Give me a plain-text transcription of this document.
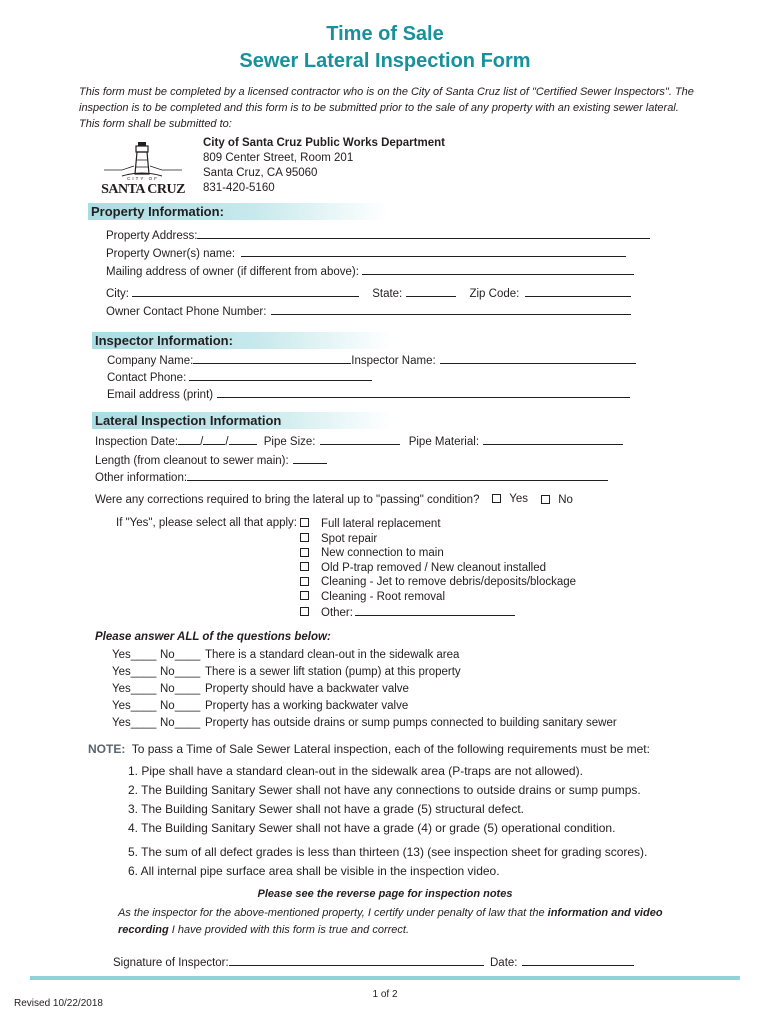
Time of Sale
Sewer Lateral Inspection Form
This form must be completed by a licensed contractor who is on the City of Santa Cruz list of "Certified Sewer Inspectors". The inspection is to be completed and this form is to be submitted prior to the sale of any property with an existing sewer lateral. This form shall be submitted to:
CITY OF
SANTA CRUZ
City of Santa Cruz Public Works Department
809 Center Street, Room 201
Santa Cruz, CA 95060
831-420-5160
Property Information:
Property Address:
Property Owner(s) name:
Mailing address of owner (if different from above):
City:	State:	Zip Code:
Owner Contact Phone Number:
Inspector Information:
Company Name:	Inspector Name:
Contact Phone:
Email address (print)
Lateral Inspection Information
Inspection Date: / /	Pipe Size:	Pipe Material:
Length (from cleanout to sewer main):
Other information:
Were any corrections required to bring the lateral up to "passing" condition?	Yes	No
If "Yes", please select all that apply:	Full lateral replacement
Spot repair
New connection to main
Old P-trap removed / New cleanout installed
Cleaning - Jet to remove debris/deposits/blockage
Cleaning - Root removal
Other:
Please answer ALL of the questions below:
Yes____ No____ There is a standard clean-out in the sidewalk area
Yes____ No____ There is a sewer lift station (pump) at this property
Yes____ No____ Property should have a backwater valve
Yes____ No____ Property has a working backwater valve
Yes____ No____ Property has outside drains or sump pumps connected to building sanitary sewer
NOTE: To pass a Time of Sale Sewer Lateral inspection, each of the following requirements must be met:
1. Pipe shall have a standard clean-out in the sidewalk area (P-traps are not allowed).
2. The Building Sanitary Sewer shall not have any connections to outside drains or sump pumps.
3. The Building Sanitary Sewer shall not have a grade (5) structural defect.
4. The Building Sanitary Sewer shall not have a grade (4) or grade (5) operational condition.
5. The sum of all defect grades is less than thirteen (13) (see inspection sheet for grading scores).
6. All internal pipe surface area shall be visible in the inspection video.
Please see the reverse page for inspection notes
As the inspector for the above-mentioned property, I certify under penalty of law that the information and video
recording I have provided with this form is true and correct.
Signature of Inspector:	Date:
1 of 2
Revised 10/22/2018
